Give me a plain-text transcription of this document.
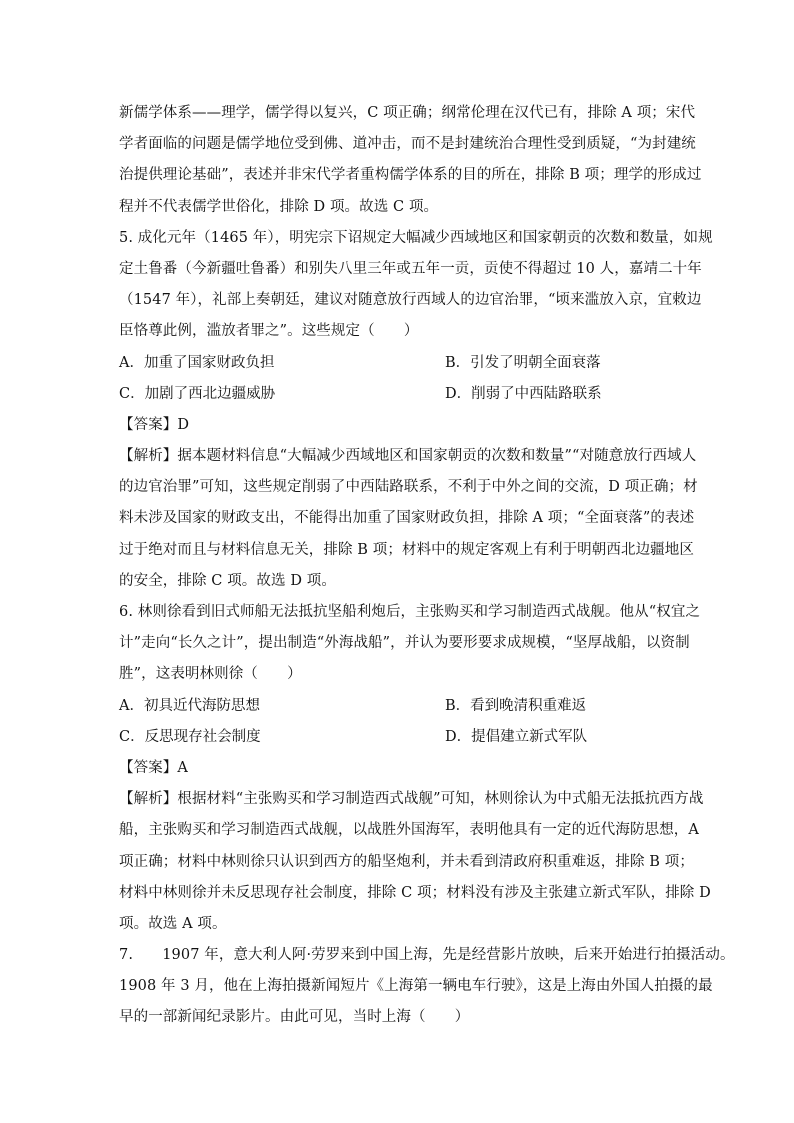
新儒学体系——理学，儒学得以复兴，C 项正确；纲常伦理在汉代已有，排除 A 项；宋代
学者面临的问题是儒学地位受到佛、道冲击，而不是封建统治合理性受到质疑，“为封建统
治提供理论基础”，表述并非宋代学者重构儒学体系的目的所在，排除 B 项；理学的形成过
程并不代表儒学世俗化，排除 D 项。故选 C 项。
5. 成化元年（1465 年），明宪宗下诏规定大幅减少西域地区和国家朝贡的次数和数量，如规
定土鲁番（今新疆吐鲁番）和别失八里三年或五年一贡，贡使不得超过 10 人，嘉靖二十年
（1547 年），礼部上奏朝廷，建议对随意放行西域人的边官治罪，“顷来滥放入京，宜敕边
臣恪尊此例，滥放者罪之”。这些规定（　　）
A．加重了国家财政负担	B．引发了明朝全面衰落
C．加剧了西北边疆威胁	D．削弱了中西陆路联系
【答案】D
【解析】据本题材料信息“大幅减少西域地区和国家朝贡的次数和数量”“对随意放行西域人
的边官治罪”可知，这些规定削弱了中西陆路联系，不利于中外之间的交流，D 项正确；材
料未涉及国家的财政支出，不能得出加重了国家财政负担，排除 A 项；“全面衰落”的表述
过于绝对而且与材料信息无关，排除 B 项；材料中的规定客观上有利于明朝西北边疆地区
的安全，排除 C 项。故选 D 项。
6. 林则徐看到旧式师船无法抵抗坚船利炮后，主张购买和学习制造西式战舰。他从“权宜之
计”走向“长久之计”，提出制造“外海战船”，并认为要形要求成规模，“坚厚战船，以资制
胜”，这表明林则徐（　　）
A．初具近代海防思想	B．看到晚清积重难返
C．反思现存社会制度	D．提倡建立新式军队
【答案】A
【解析】根据材料“主张购买和学习制造西式战舰”可知，林则徐认为中式船无法抵抗西方战
船，主张购买和学习制造西式战舰，以战胜外国海军，表明他具有一定的近代海防思想，A
项正确；材料中林则徐只认识到西方的船坚炮利，并未看到清政府积重难返，排除 B 项；
材料中林则徐并未反思现存社会制度，排除 C 项；材料没有涉及主张建立新式军队，排除 D
项。故选 A 项。
7.　　1907 年，意大利人阿·劳罗来到中国上海，先是经营影片放映，后来开始进行拍摄活动。
1908 年 3 月，他在上海拍摄新闻短片《上海第一辆电车行驶》，这是上海由外国人拍摄的最
早的一部新闻纪录影片。由此可见，当时上海（　　）
